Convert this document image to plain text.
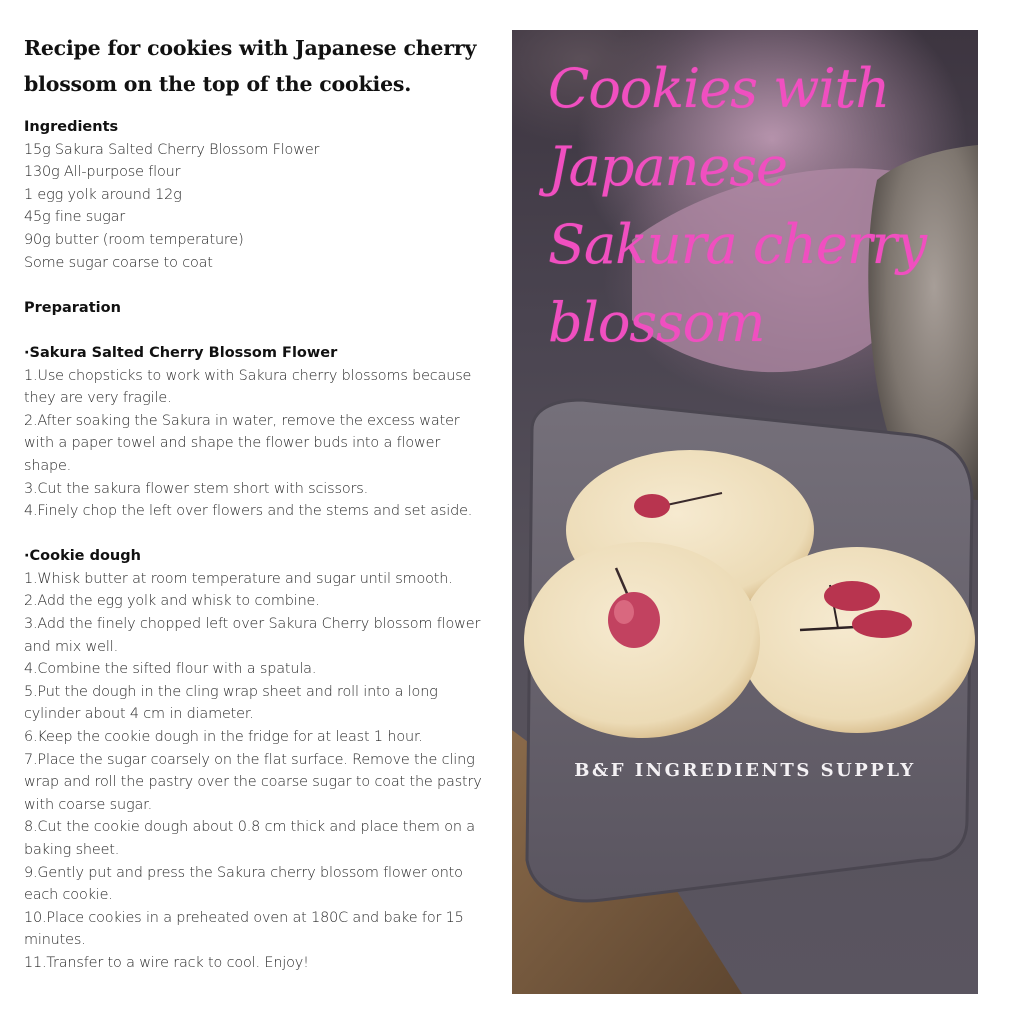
Recipe for cookies with Japanese cherry
blossom on the top of the cookies.
Ingredients
15g Sakura Salted Cherry Blossom Flower
130g All-purpose flour
1 egg yolk around 12g
45g fine sugar
90g butter (room temperature)
Some sugar coarse to coat
Preparation
·Sakura Salted Cherry Blossom Flower
1.Use chopsticks to work with Sakura cherry blossoms because
they are very fragile.
2.After soaking the Sakura in water, remove the excess water
with a paper towel and shape the flower buds into a flower
shape.
3.Cut the sakura flower stem short with scissors.
4.Finely chop the left over flowers and the stems and set aside.
·Cookie dough
1.Whisk butter at room temperature and sugar until smooth.
2.Add the egg yolk and whisk to combine.
3.Add the finely chopped left over Sakura Cherry blossom flower
and mix well.
4.Combine the sifted flour with a spatula.
5.Put the dough in the cling wrap sheet and roll into a long
cylinder about 4 cm in diameter.
6.Keep the cookie dough in the fridge for at least 1 hour.
7.Place the sugar coarsely on the flat surface. Remove the cling
wrap and roll the pastry over the coarse sugar to coat the pastry
with coarse sugar.
8.Cut the cookie dough about 0.8 cm thick and place them on a
baking sheet.
9.Gently put and press the Sakura cherry blossom flower onto
each cookie.
10.Place cookies in a preheated oven at 180C and bake for 15
minutes.
11.Transfer to a wire rack to cool. Enjoy!
Cookies with
Japanese
Sakura cherry
blossom
B&F INGREDIENTS SUPPLY
